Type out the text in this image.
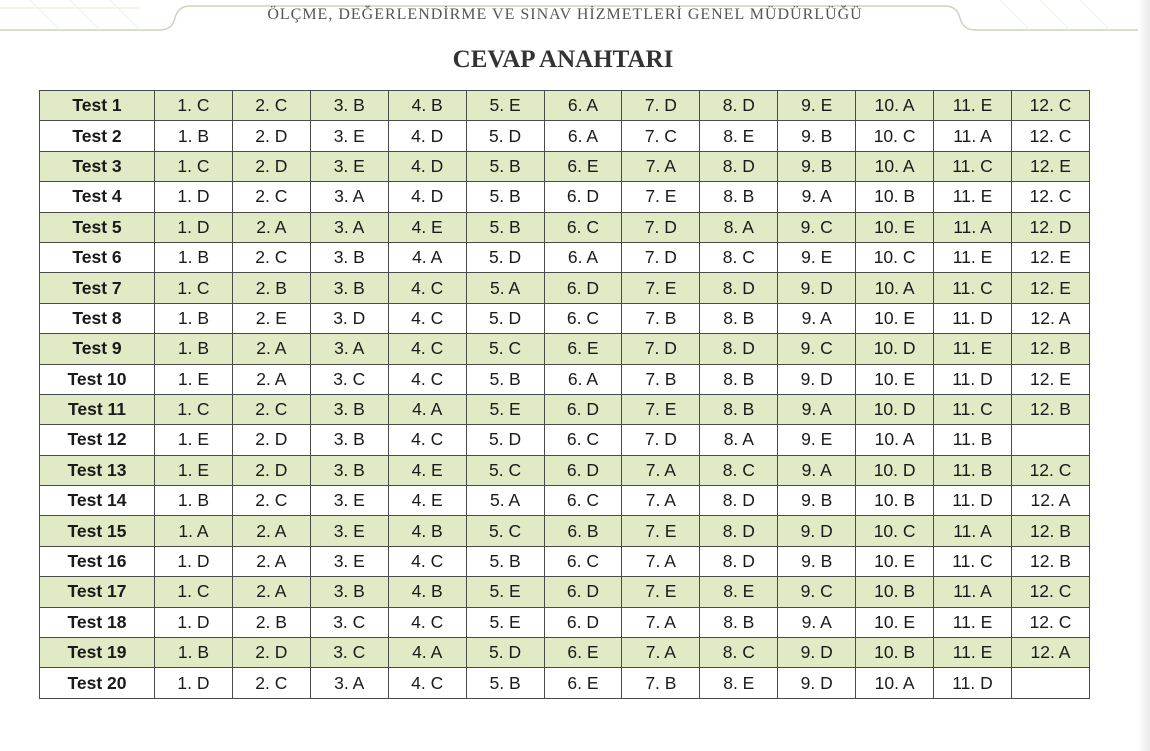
ÖLÇME, DEĞERLENDİRME VE SINAV HİZMETLERİ GENEL MÜDÜRLÜĞÜ
CEVAP ANAHTARI
Test 1	1. C	2. C	3. B	4. B	5. E	6. A	7. D	8. D	9. E	10. A	11. E	12. C
Test 2	1. B	2. D	3. E	4. D	5. D	6. A	7. C	8. E	9. B	10. C	11. A	12. C
Test 3	1. C	2. D	3. E	4. D	5. B	6. E	7. A	8. D	9. B	10. A	11. C	12. E
Test 4	1. D	2. C	3. A	4. D	5. B	6. D	7. E	8. B	9. A	10. B	11. E	12. C
Test 5	1. D	2. A	3. A	4. E	5. B	6. C	7. D	8. A	9. C	10. E	11. A	12. D
Test 6	1. B	2. C	3. B	4. A	5. D	6. A	7. D	8. C	9. E	10. C	11. E	12. E
Test 7	1. C	2. B	3. B	4. C	5. A	6. D	7. E	8. D	9. D	10. A	11. C	12. E
Test 8	1. B	2. E	3. D	4. C	5. D	6. C	7. B	8. B	9. A	10. E	11. D	12. A
Test 9	1. B	2. A	3. A	4. C	5. C	6. E	7. D	8. D	9. C	10. D	11. E	12. B
Test 10	1. E	2. A	3. C	4. C	5. B	6. A	7. B	8. B	9. D	10. E	11. D	12. E
Test 11	1. C	2. C	3. B	4. A	5. E	6. D	7. E	8. B	9. A	10. D	11. C	12. B
Test 12	1. E	2. D	3. B	4. C	5. D	6. C	7. D	8. A	9. E	10. A	11. B	
Test 13	1. E	2. D	3. B	4. E	5. C	6. D	7. A	8. C	9. A	10. D	11. B	12. C
Test 14	1. B	2. C	3. E	4. E	5. A	6. C	7. A	8. D	9. B	10. B	11. D	12. A
Test 15	1. A	2. A	3. E	4. B	5. C	6. B	7. E	8. D	9. D	10. C	11. A	12. B
Test 16	1. D	2. A	3. E	4. C	5. B	6. C	7. A	8. D	9. B	10. E	11. C	12. B
Test 17	1. C	2. A	3. B	4. B	5. E	6. D	7. E	8. E	9. C	10. B	11. A	12. C
Test 18	1. D	2. B	3. C	4. C	5. E	6. D	7. A	8. B	9. A	10. E	11. E	12. C
Test 19	1. B	2. D	3. C	4. A	5. D	6. E	7. A	8. C	9. D	10. B	11. E	12. A
Test 20	1. D	2. C	3. A	4. C	5. B	6. E	7. B	8. E	9. D	10. A	11. D	
